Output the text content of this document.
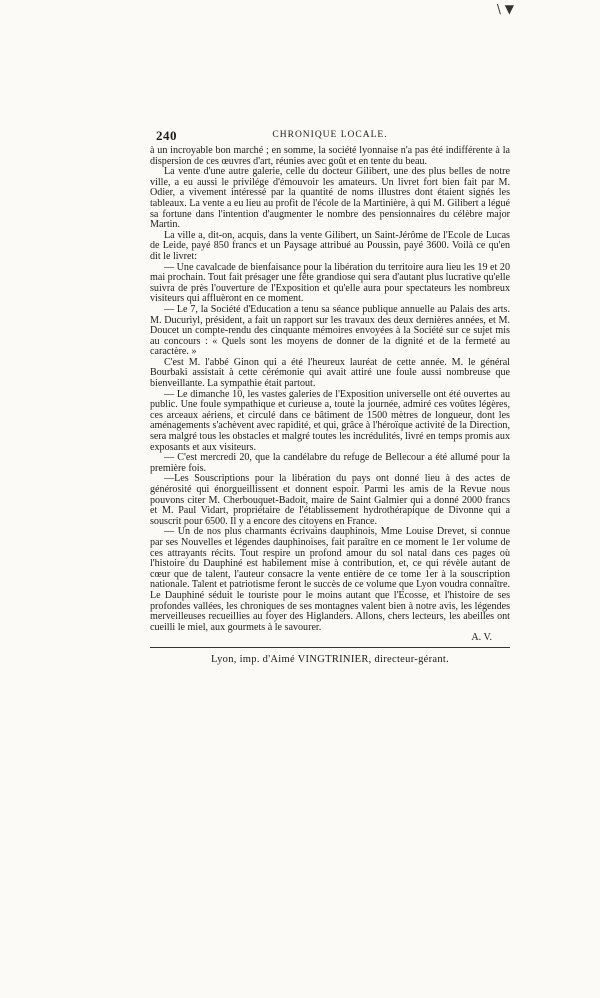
\ ▼
240	CHRONIQUE LOCALE.

à un incroyable bon marché ; en somme, la société lyonnaise n'a pas été indifférente à la dispersion de ces œuvres d'art, réunies avec goût et en tente du beau.

La vente d'une autre galerie, celle du docteur Gilibert, une des plus belles de notre ville, a eu aussi le privilége d'émouvoir les amateurs. Un livret fort bien fait par M. Odier, a vivement intéressé par la quantité de noms illustres dont étaient signés les tableaux. La vente a eu lieu au profit de l'école de la Martinière, à qui M. Gilibert a légué sa fortune dans l'intention d'augmenter le nombre des pensionnaires du célèbre major Martin.

La ville a, dit-on, acquis, dans la vente Gilibert, un Saint-Jérôme de l'Ecole de Lucas de Leide, payé 850 francs et un Paysage attribué au Poussin, payé 3600. Voilà ce qu'en dit le livret:

— Une cavalcade de bienfaisance pour la libération du territoire aura lieu les 19 et 20 mai prochain. Tout fait présager une fête grandiose qui sera d'autant plus lucrative qu'elle suivra de près l'ouverture de l'Exposition et qu'elle aura pour spectateurs les nombreux visiteurs qui affluèront en ce moment.

— Le 7, la Société d'Education a tenu sa séance publique annuelle au Palais des arts. M. Ducuriyl, président, a fait un rapport sur les travaux des deux dernières années, et M. Doucet un compte-rendu des cinquante mémoires envoyées à la Société sur ce sujet mis au concours : « Quels sont les moyens de donner de la dignité et de la fermeté au caractère. »

C'est M. l'abbé Ginon qui a été l'heureux lauréat de cette année. M. le général Bourbaki assistait à cette cérémonie qui avait attiré une foule aussi nombreuse que bienveillante. La sympathie était partout.

— Le dimanche 10, les vastes galeries de l'Exposition universelle ont été ouvertes au public. Une foule sympathique et curieuse a, toute la journée, admiré ces voûtes légères, ces arceaux aériens, et circulé dans ce bâtiment de 1500 mètres de longueur, dont les aménagements s'achèvent avec rapidité, et qui, grâce à l'héroïque activité de la Direction, sera malgré tous les obstacles et malgré toutes les incrédulités, livré en temps promis aux exposants et aux visiteurs.

— C'est mercredi 20, que la candélabre du refuge de Bellecour a été allumé pour la première fois.

—Les Souscriptions pour la libération du pays ont donné lieu à des actes de générosité qui énorgueillissent et donnent espoir. Parmi les amis de la Revue nous pouvons citer M. Cherbouquet-Badoit, maire de Saint Galmier qui a donné 2000 francs et M. Paul Vidart, propriétaire de l'établissement hydrothérapique de Divonne qui a souscrit pour 6500. Il y a encore des citoyens en France.

— Un de nos plus charmants écrivains dauphinois, Mme Louise Drevet, si connue par ses Nouvelles et légendes dauphinoises, fait paraître en ce moment le 1er volume de ces attrayants récits. Tout respire un profond amour du sol natal dans ces pages où l'histoire du Dauphiné est habilement mise à contribution, et, ce qui révèle autant de cœur que de talent, l'auteur consacre la vente entière de ce tome 1er à la souscription nationale. Talent et patriotisme feront le succès de ce volume que Lyon voudra connaître. Le Dauphiné séduit le touriste pour le moins autant que l'Ecosse, et l'histoire de ses profondes vallées, les chroniques de ses montagnes valent bien à notre avis, les légendes merveilleuses recueillies au foyer des Higlanders. Allons, chers lecteurs, les abeilles ont cueilli le miel, aux gourmets à le savourer.

A. V.
Lyon, imp. d'Aimé VINGTRINIER, directeur-gérant.
